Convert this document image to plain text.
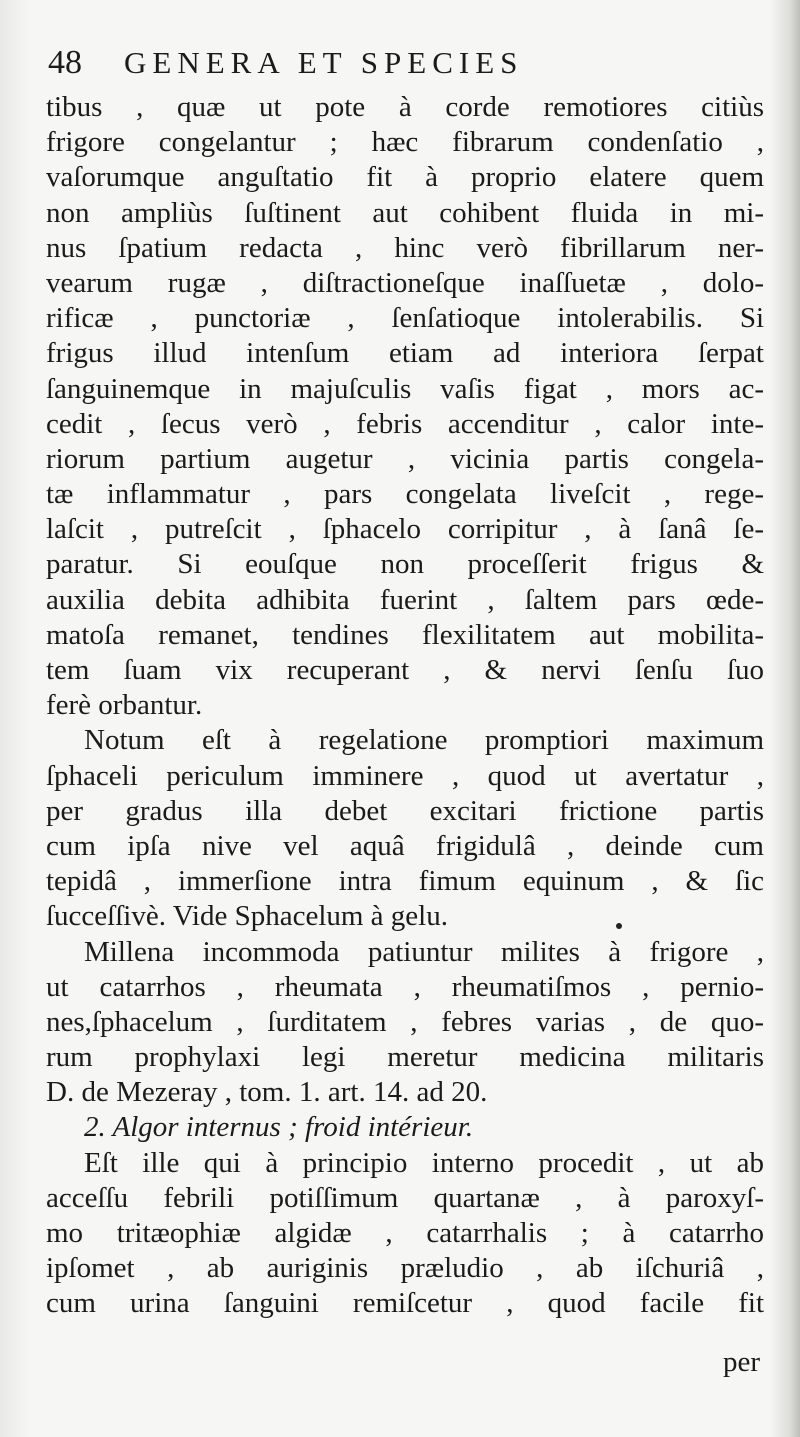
48 GENERA ET SPECIES
tibus , quæ ut pote à corde remotiores citiùs
frigore congelantur ; hæc fibrarum condenſatio ,
vaſorumque anguſtatio fit à proprio elatere quem
non ampliùs ſuſtinent aut cohibent fluida in mi-
nus ſpatium redacta , hinc verò fibrillarum ner-
vearum rugæ , diſtractioneſque inaſſuetæ , dolo-
rificæ , punctoriæ , ſenſatioque intolerabilis. Si
frigus illud intenſum etiam ad interiora ſerpat
ſanguinemque in majuſculis vaſis figat , mors ac-
cedit , ſecus verò , febris accenditur , calor inte-
riorum partium augetur , vicinia partis congela-
tæ inflammatur , pars congelata liveſcit , rege-
laſcit , putreſcit , ſphacelo corripitur , à ſanâ ſe-
paratur. Si eouſque non proceſſerit frigus &
auxilia debita adhibita fuerint , ſaltem pars œde-
matoſa remanet, tendines flexilitatem aut mobilita-
tem ſuam vix recuperant , & nervi ſenſu ſuo
ferè orbantur.
Notum eſt à regelatione promptiori maximum
ſphaceli periculum imminere , quod ut avertatur ,
per gradus illa debet excitari frictione partis
cum ipſa nive vel aquâ frigidulâ , deinde cum
tepidâ , immerſione intra fimum equinum , & ſic
ſucceſſivè. Vide Sphacelum à gelu.
Millena incommoda patiuntur milites à frigore ,
ut catarrhos , rheumata , rheumatiſmos , pernio-
nes,ſphacelum , ſurditatem , febres varias , de quo-
rum prophylaxi legi meretur medicina militaris
D. de Mezeray , tom. 1. art. 14. ad 20.
2. Algor internus ; froid intérieur.
Eſt ille qui à principio interno procedit , ut ab
acceſſu febrili potiſſimum quartanæ , à paroxyſ-
mo tritæophiæ algidæ , catarrhalis ; à catarrho
ipſomet , ab auriginis præludio , ab iſchuriâ ,
cum urina ſanguini remiſcetur , quod facile fit
per
